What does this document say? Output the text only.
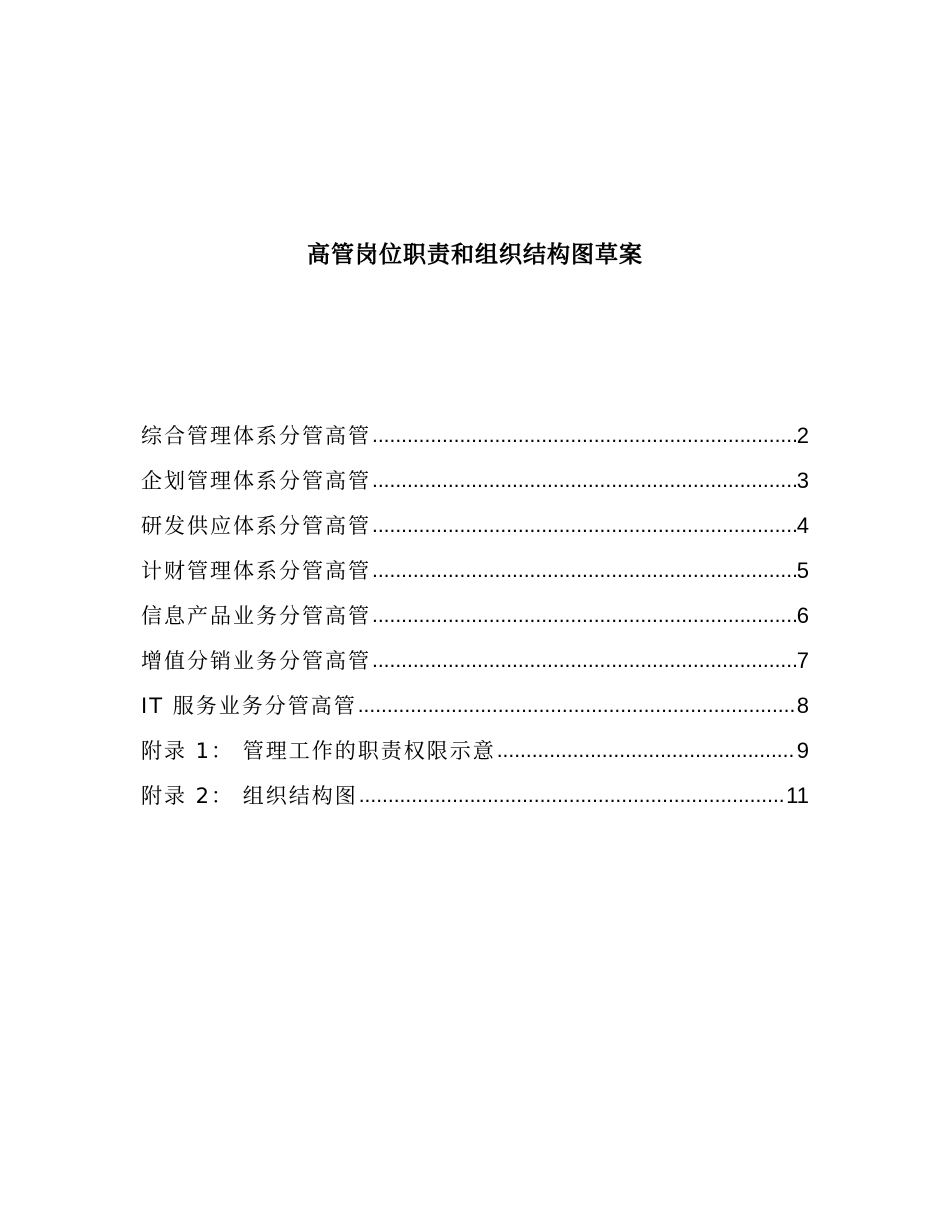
高管岗位职责和组织结构图草案
综合管理体系分管高管 .....	2
企划管理体系分管高管 .....	3
研发供应体系分管高管 .....	4
计财管理体系分管高管 .....	5
信息产品业务分管高管 .....	6
增值分销业务分管高管 .....	7
IT 服务业务分管高管 .....	8
附录 1： 管理工作的职责权限示意 .....	9
附录 2： 组织结构图 .....	11
